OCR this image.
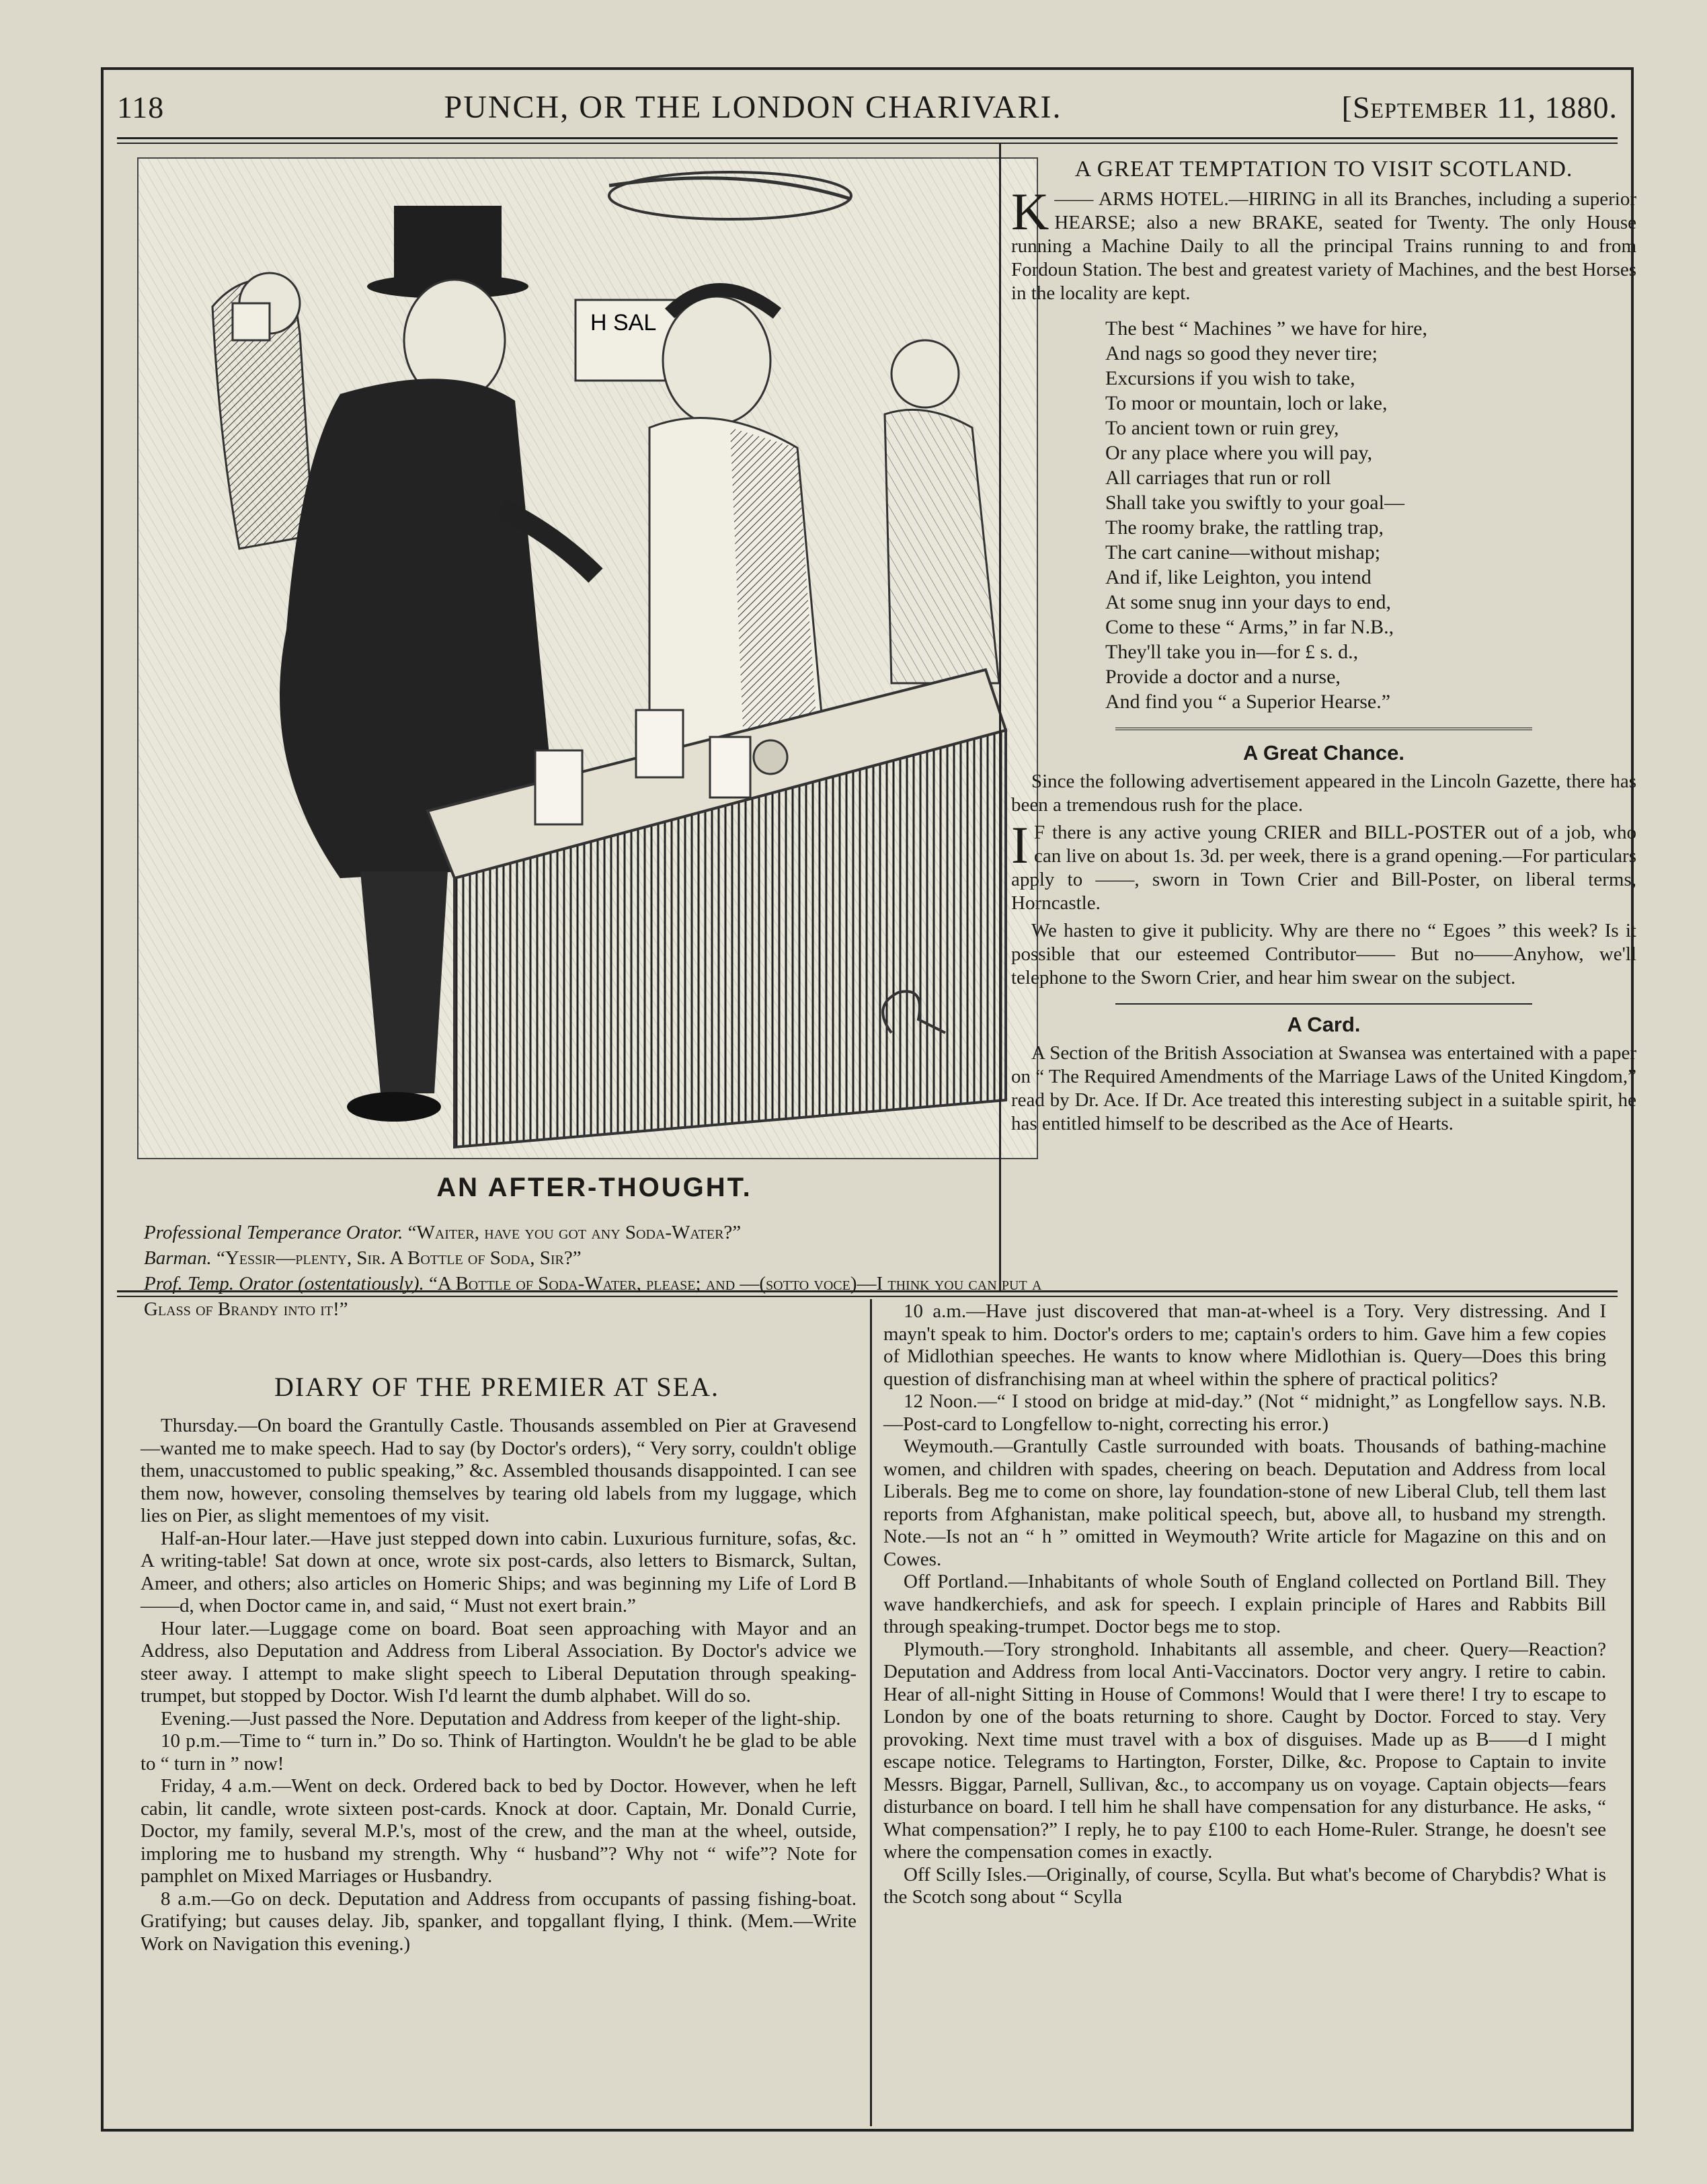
118	PUNCH, OR THE LONDON CHARIVARI.	[September 11, 1880.
H SAL
AN AFTER-THOUGHT.

Professional Temperance Orator. “Waiter, have you got any Soda-Water?”

Barman. “Yessir—plenty, Sir. A Bottle of Soda, Sir?”

Prof. Temp. Orator (ostentatiously). “A Bottle of Soda-Water, please; and —(sotto voce)—I think you can put a Glass of Brandy into it!”

A GREAT TEMPTATION TO VISIT SCOTLAND.

K —— ARMS HOTEL.—HIRING in all its Branches, including a superior HEARSE; also a new BRAKE, seated for Twenty. The only House running a Machine Daily to all the principal Trains running to and from Fordoun Station. The best and greatest variety of Machines, and the best Horses in the locality are kept.

The best “ Machines ” we have for hire,
And nags so good they never tire;
Excursions if you wish to take,
To moor or mountain, loch or lake,
To ancient town or ruin grey,
Or any place where you will pay,
All carriages that run or roll
Shall take you swiftly to your goal—
The roomy brake, the rattling trap,
The cart canine—without mishap;
And if, like Leighton, you intend
At some snug inn your days to end,
Come to these “ Arms,” in far N.B.,
They'll take you in—for £ s. d.,
Provide a doctor and a nurse,
And find you “ a Superior Hearse.”
A Great Chance.

Since the following advertisement appeared in the Lincoln Gazette, there has been a tremendous rush for the place.

I F there is any active young CRIER and BILL-POSTER out of a job, who can live on about 1s. 3d. per week, there is a grand opening.—For particulars apply to ——, sworn in Town Crier and Bill-Poster, on liberal terms, Horncastle.

We hasten to give it publicity. Why are there no “ Egoes ” this week? Is it possible that our esteemed Contributor—— But no——Anyhow, we'll telephone to the Sworn Crier, and hear him swear on the subject.

A Card.

A Section of the British Association at Swansea was entertained with a paper on “ The Required Amendments of the Marriage Laws of the United Kingdom,” read by Dr. Ace. If Dr. Ace treated this interesting subject in a suitable spirit, he has entitled himself to be described as the Ace of Hearts.

DIARY OF THE PREMIER AT SEA.

Thursday.—On board the Grantully Castle. Thousands assembled on Pier at Gravesend—wanted me to make speech. Had to say (by Doctor's orders), “ Very sorry, couldn't oblige them, unaccustomed to public speaking,” &c. Assembled thousands disappointed. I can see them now, however, consoling themselves by tearing old labels from my luggage, which lies on Pier, as slight mementoes of my visit.

Half-an-Hour later.—Have just stepped down into cabin. Luxurious furniture, sofas, &c. A writing-table! Sat down at once, wrote six post-cards, also letters to Bismarck, Sultan, Ameer, and others; also articles on Homeric Ships; and was beginning my Life of Lord B——d, when Doctor came in, and said, “ Must not exert brain.”

Hour later.—Luggage come on board. Boat seen approaching with Mayor and an Address, also Deputation and Address from Liberal Association. By Doctor's advice we steer away. I attempt to make slight speech to Liberal Deputation through speaking-trumpet, but stopped by Doctor. Wish I'd learnt the dumb alphabet. Will do so.

Evening.—Just passed the Nore. Deputation and Address from keeper of the light-ship.

10 p.m.—Time to “ turn in.” Do so. Think of Hartington. Wouldn't he be glad to be able to “ turn in ” now!

Friday, 4 a.m.—Went on deck. Ordered back to bed by Doctor. However, when he left cabin, lit candle, wrote sixteen post-cards. Knock at door. Captain, Mr. Donald Currie, Doctor, my family, several M.P.'s, most of the crew, and the man at the wheel, outside, imploring me to husband my strength. Why “ husband”? Why not “ wife”? Note for pamphlet on Mixed Marriages or Husbandry.

8 a.m.—Go on deck. Deputation and Address from occupants of passing fishing-boat. Gratifying; but causes delay. Jib, spanker, and topgallant flying, I think. (Mem.—Write Work on Navigation this evening.)

10 a.m.—Have just discovered that man-at-wheel is a Tory. Very distressing. And I mayn't speak to him. Doctor's orders to me; captain's orders to him. Gave him a few copies of Midlothian speeches. He wants to know where Midlothian is. Query—Does this bring question of disfranchising man at wheel within the sphere of practical politics?

12 Noon.—“ I stood on bridge at mid-day.” (Not “ midnight,” as Longfellow says. N.B.—Post-card to Longfellow to-night, correcting his error.)

Weymouth.—Grantully Castle surrounded with boats. Thousands of bathing-machine women, and children with spades, cheering on beach. Deputation and Address from local Liberals. Beg me to come on shore, lay foundation-stone of new Liberal Club, tell them last reports from Afghanistan, make political speech, but, above all, to husband my strength. Note.—Is not an “ h ” omitted in Weymouth? Write article for Magazine on this and on Cowes.

Off Portland.—Inhabitants of whole South of England collected on Portland Bill. They wave handkerchiefs, and ask for speech. I explain principle of Hares and Rabbits Bill through speaking-trumpet. Doctor begs me to stop.

Plymouth.—Tory stronghold. Inhabitants all assemble, and cheer. Query—Reaction? Deputation and Address from local Anti-Vaccinators. Doctor very angry. I retire to cabin. Hear of all-night Sitting in House of Commons! Would that I were there! I try to escape to London by one of the boats returning to shore. Caught by Doctor. Forced to stay. Very provoking. Next time must travel with a box of disguises. Made up as B——d I might escape notice. Telegrams to Hartington, Forster, Dilke, &c. Propose to Captain to invite Messrs. Biggar, Parnell, Sullivan, &c., to accompany us on voyage. Captain objects—fears disturbance on board. I tell him he shall have compensation for any disturbance. He asks, “ What compensation?” I reply, he to pay £100 to each Home-Ruler. Strange, he doesn't see where the compensation comes in exactly.

Off Scilly Isles.—Originally, of course, Scylla. But what's become of Charybdis? What is the Scotch song about “ Scylla
